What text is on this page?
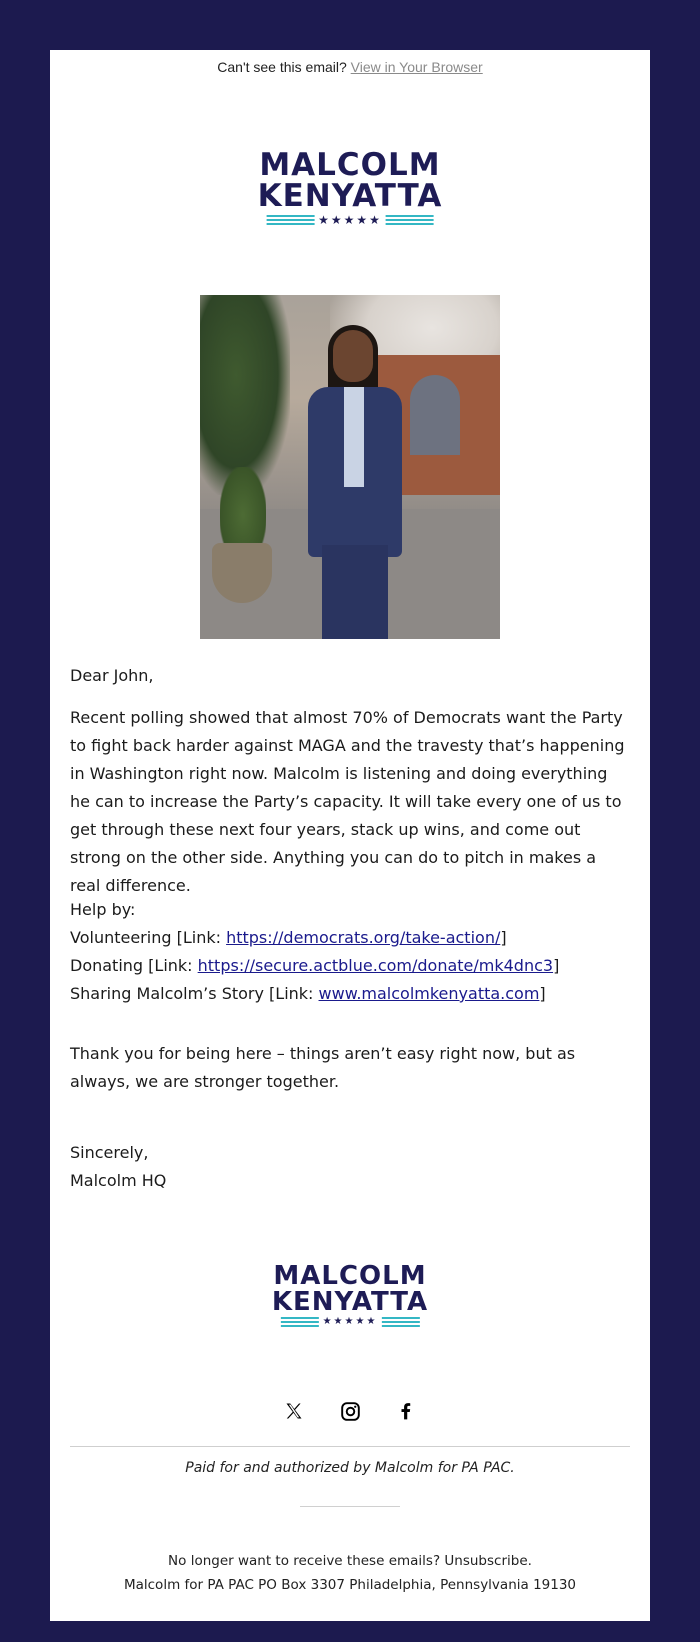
Can't see this email? View in Your Browser
MALCOLM
KENYATTA
★★★★★

Dear John,

Recent polling showed that almost 70% of Democrats want the Party to fight back harder against MAGA and the travesty that’s happening in Washington right now. Malcolm is listening and doing everything he can to increase the Party’s capacity. It will take every one of us to get through these next four years, stack up wins, and come out strong on the other side. Anything you can do to pitch in makes a real difference.

Help by:

Volunteering [Link: https://democrats.org/take-action/]

Donating [Link: https://secure.actblue.com/donate/mk4dnc3]

Sharing Malcolm’s Story [Link: www.malcolmkenyatta.com]

Thank you for being here – things aren’t easy right now, but as always, we are stronger together.

Sincerely,

Malcolm HQ

MALCOLM
KENYATTA
★★★★★
Paid for and authorized by Malcolm for PA PAC.
No longer want to receive these emails? Unsubscribe.
Malcolm for PA PAC PO Box 3307 Philadelphia, Pennsylvania 19130
